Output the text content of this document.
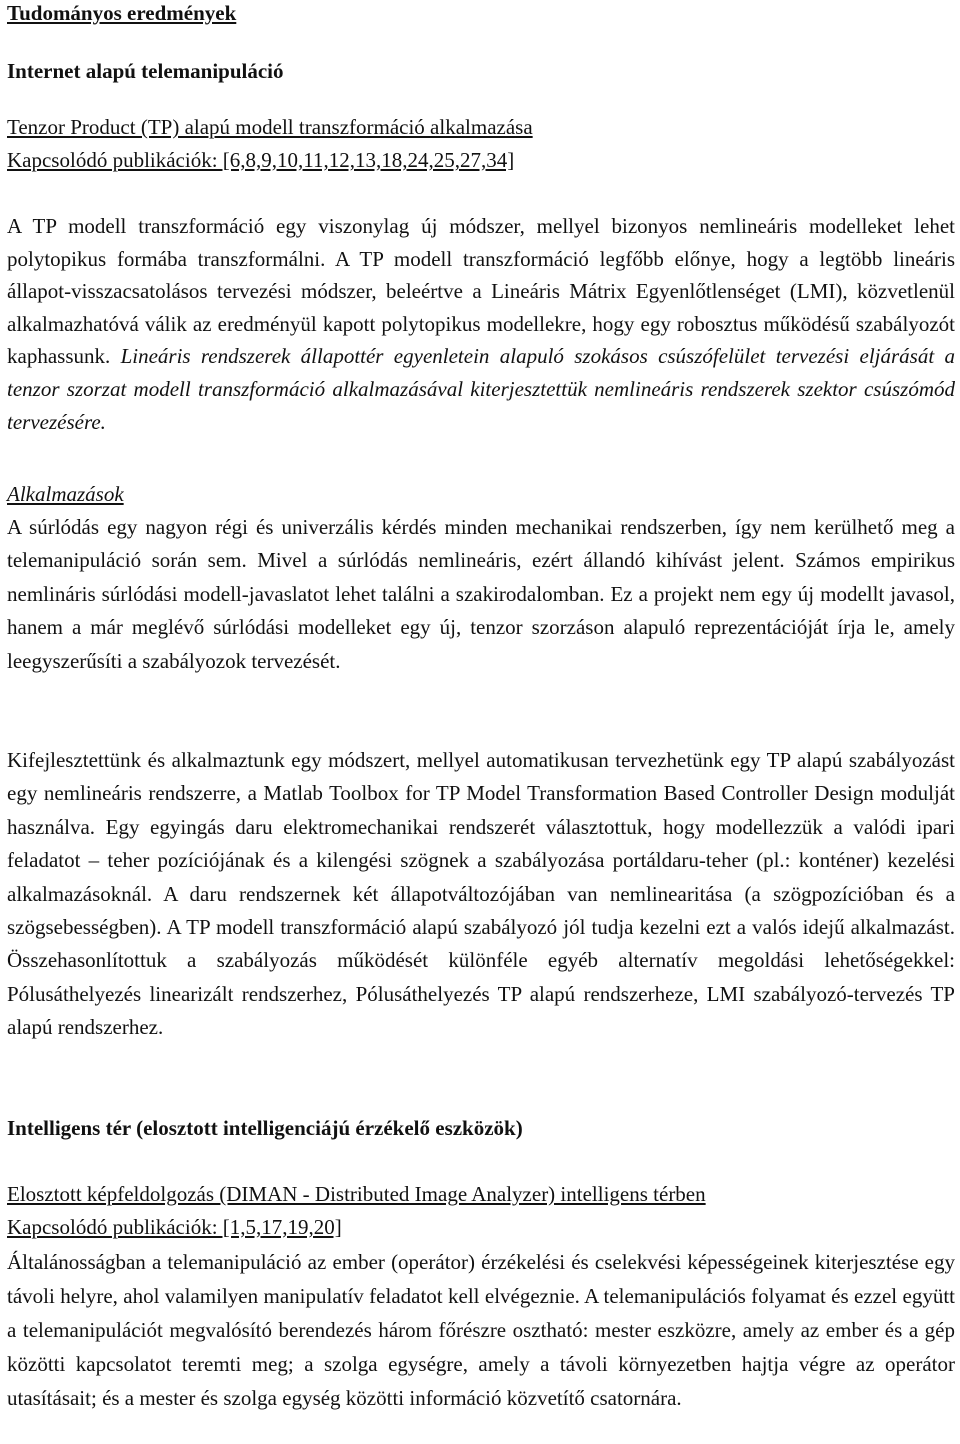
Tudományos eredmények
Internet alapú telemanipuláció
Tenzor Product (TP) alapú modell transzformáció alkalmazása
Kapcsolódó publikációk: [6,8,9,10,11,12,13,18,24,25,27,34]

A TP modell transzformáció egy viszonylag új módszer, mellyel bizonyos nemlineáris modelleket lehet polytopikus formába transzformálni. A TP modell transzformáció legfőbb előnye, hogy a legtöbb lineáris állapot-visszacsatolásos tervezési módszer, beleértve a Lineáris Mátrix Egyenlőtlenséget (LMI), közvetlenül alkalmazhatóvá válik az eredményül kapott polytopikus modellekre, hogy egy robosztus működésű szabályozót kaphassunk. Lineáris rendszerek állapottér egyenletein alapuló szokásos csúszófelület tervezési eljárását a tenzor szorzat modell transzformáció alkalmazásával kiterjesztettük nemlineáris rendszerek szektor csúszómód tervezésére.

Alkalmazások

A súrlódás egy nagyon régi és univerzális kérdés minden mechanikai rendszerben, így nem kerülhető meg a telemanipuláció során sem. Mivel a súrlódás nemlineáris, ezért állandó kihívást jelent. Számos empirikus nemlináris súrlódási modell-javaslatot lehet találni a szakirodalomban. Ez a projekt nem egy új modellt javasol, hanem a már meglévő súrlódási modelleket egy új, tenzor szorzáson alapuló reprezentációját írja le, amely leegyszerűsíti a szabályozok tervezését.

Kifejlesztettünk és alkalmaztunk egy módszert, mellyel automatikusan tervezhetünk egy TP alapú szabályozást egy nemlineáris rendszerre, a Matlab Toolbox for TP Model Transformation Based Controller Design modulját használva. Egy egyingás daru elektromechanikai rendszerét választottuk, hogy modellezzük a valódi ipari feladatot – teher pozíciójának és a kilengési szögnek a szabályozása portáldaru-teher (pl.: konténer) kezelési alkalmazásoknál. A daru rendszernek két állapotváltozójában van nemlinearitása (a szögpozícióban és a szögsebességben). A TP modell transzformáció alapú szabályozó jól tudja kezelni ezt a valós idejű alkalmazást. Összehasonlítottuk a szabályozás működését különféle egyéb alternatív megoldási lehetőségekkel: Pólusáthelyezés linearizált rendszerhez, Pólusáthelyezés TP alapú rendszerheze, LMI szabályozó-tervezés TP alapú rendszerhez.

Intelligens tér (elosztott intelligenciájú érzékelő eszközök)
Elosztott képfeldolgozás (DIMAN - Distributed Image Analyzer) intelligens térben
Kapcsolódó publikációk: [1,5,17,19,20]

Általánosságban a telemanipuláció az ember (operátor) érzékelési és cselekvési képességeinek kiterjesztése egy távoli helyre, ahol valamilyen manipulatív feladatot kell elvégeznie. A telemanipulációs folyamat és ezzel együtt a telemanipulációt megvalósító berendezés három főrészre osztható: mester eszközre, amely az ember és a gép közötti kapcsolatot teremti meg; a szolga egységre, amely a távoli környezetben hajtja végre az operátor utasításait; és a mester és szolga egység közötti információ közvetítő csatornára.
